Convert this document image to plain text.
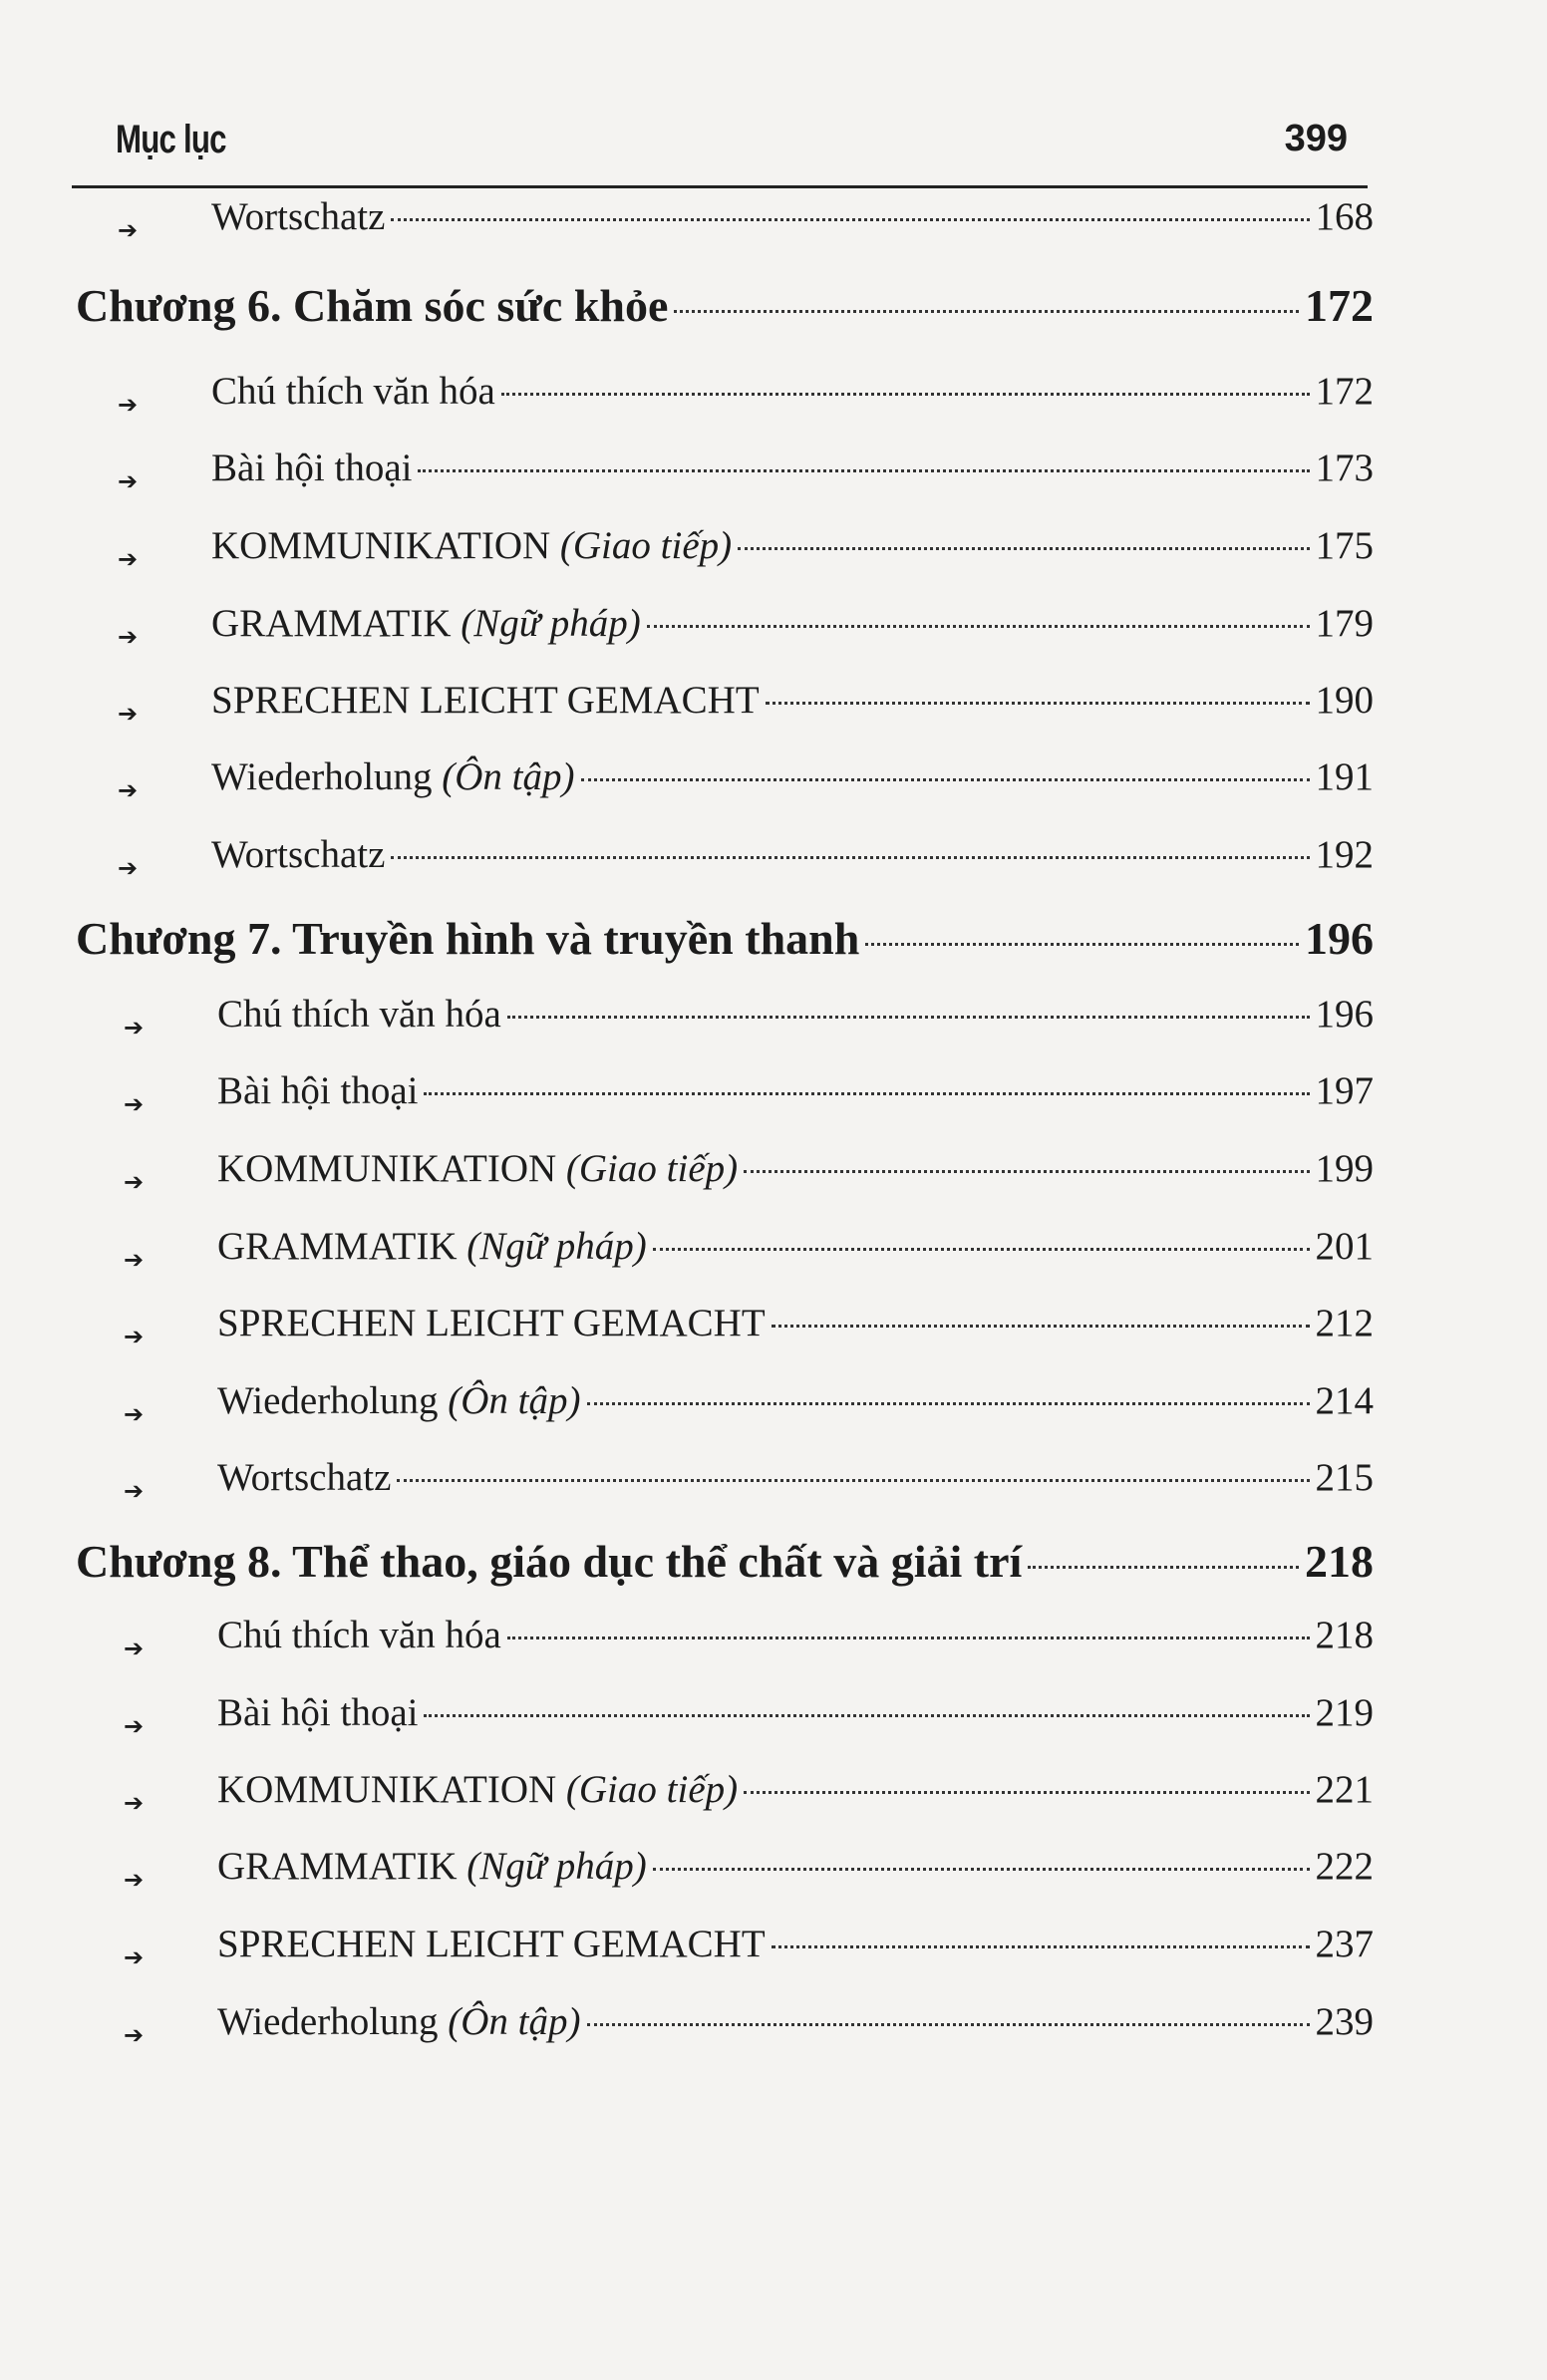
Mục lục	399
Wortschatz	168
➔
Chương 6. Chăm sóc sức khỏe	172
Chú thích văn hóa	172
➔
Bài hội thoại	173
➔
KOMMUNIKATION (Giao tiếp)	175
➔
GRAMMATIK (Ngữ pháp)	179
➔
SPRECHEN LEICHT GEMACHT	190
➔
Wiederholung (Ôn tập)	191
➔
Wortschatz	192
➔
Chương 7. Truyền hình và truyền thanh	196
Chú thích văn hóa	196
➔
Bài hội thoại	197
➔
KOMMUNIKATION (Giao tiếp)	199
➔
GRAMMATIK (Ngữ pháp)	201
➔
SPRECHEN LEICHT GEMACHT	212
➔
Wiederholung (Ôn tập)	214
➔
Wortschatz	215
➔
Chương 8. Thể thao, giáo dục thể chất và giải trí	218
Chú thích văn hóa	218
➔
Bài hội thoại	219
➔
KOMMUNIKATION (Giao tiếp)	221
➔
GRAMMATIK (Ngữ pháp)	222
➔
SPRECHEN LEICHT GEMACHT	237
➔
Wiederholung (Ôn tập)	239
➔
